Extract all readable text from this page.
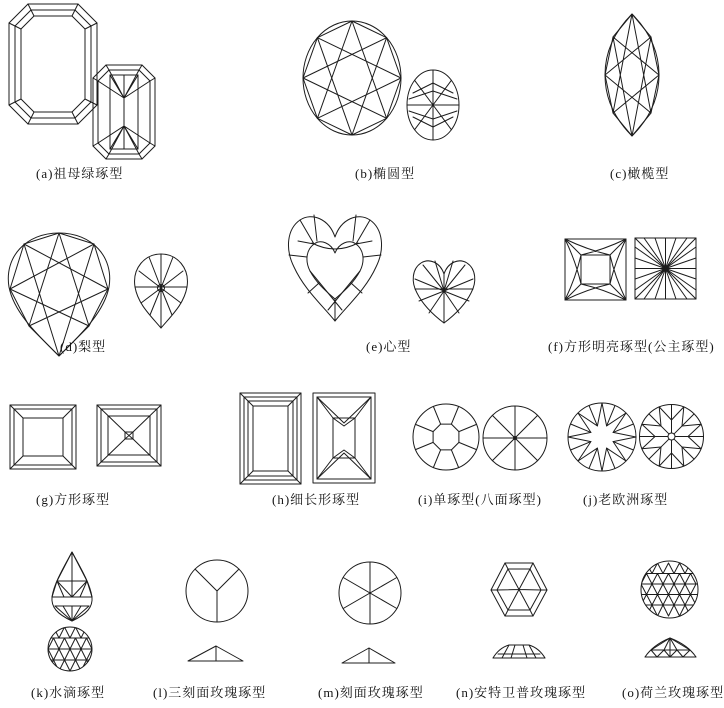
(a)祖母绿琢型	(b)椭圆型	(c)橄榄型
(d)梨型	(e)心型	(f)方形明亮琢型(公主琢型)
(g)方形琢型	(h)细长形琢型	(i)单琢型(八面琢型)	(j)老欧洲琢型
(k)水滴琢型	(l)三刻面玫瑰琢型	(m)刻面玫瑰琢型 (n)安特卫普玫瑰琢型	(o)荷兰玫瑰琢型
